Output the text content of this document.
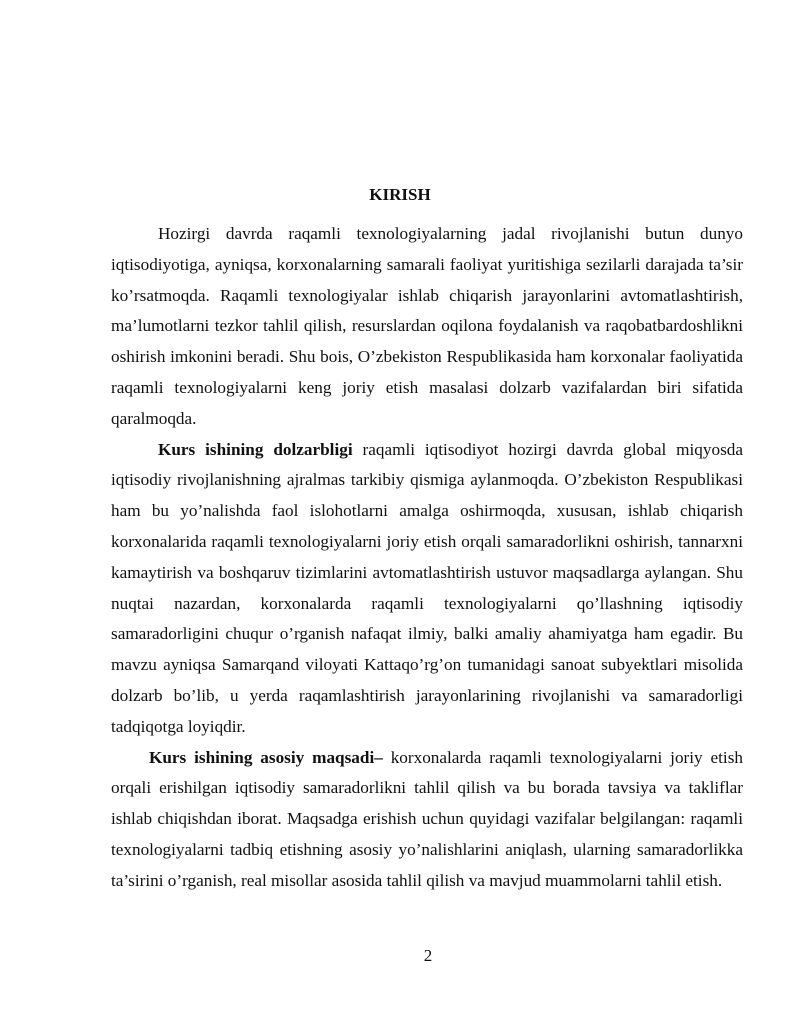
KIRISH

Hozirgi davrda raqamli texnologiyalarning jadal rivojlanishi butun dunyo iqtisodiyotiga, ayniqsa, korxonalarning samarali faoliyat yuritishiga sezilarli darajada ta’sir ko’rsatmoqda. Raqamli texnologiyalar ishlab chiqarish jarayonlarini avtomatlashtirish, ma’lumotlarni tezkor tahlil qilish, resurslardan oqilona foydalanish va raqobatbardoshlikni oshirish imkonini beradi. Shu bois, O’zbekiston Respublikasida ham korxonalar faoliyatida raqamli texnologiyalarni keng joriy etish masalasi dolzarb vazifalardan biri sifatida qaralmoqda.

Kurs ishining dolzarbligi raqamli iqtisodiyot hozirgi davrda global miqyosda iqtisodiy rivojlanishning ajralmas tarkibiy qismiga aylanmoqda. O’zbekiston Respublikasi ham bu yo’nalishda faol islohotlarni amalga oshirmoqda, xususan, ishlab chiqarish korxonalarida raqamli texnologiyalarni joriy etish orqali samaradorlikni oshirish, tannarxni kamaytirish va boshqaruv tizimlarini avtomatlashtirish ustuvor maqsadlarga aylangan. Shu nuqtai nazardan, korxonalarda raqamli texnologiyalarni qo’llashning iqtisodiy samaradorligini chuqur o’rganish nafaqat ilmiy, balki amaliy ahamiyatga ham egadir. Bu mavzu ayniqsa Samarqand viloyati Kattaqo’rg’on tumanidagi sanoat subyektlari misolida dolzarb bo’lib, u yerda raqamlashtirish jarayonlarining rivojlanishi va samaradorligi tadqiqotga loyiqdir.

Kurs ishining asosiy maqsadi– korxonalarda raqamli texnologiyalarni joriy etish orqali erishilgan iqtisodiy samaradorlikni tahlil qilish va bu borada tavsiya va takliflar ishlab chiqishdan iborat. Maqsadga erishish uchun quyidagi vazifalar belgilangan: raqamli texnologiyalarni tadbiq etishning asosiy yo’nalishlarini aniqlash, ularning samaradorlikka ta’sirini o’rganish, real misollar asosida tahlil qilish va mavjud muammolarni tahlil etish.

2
